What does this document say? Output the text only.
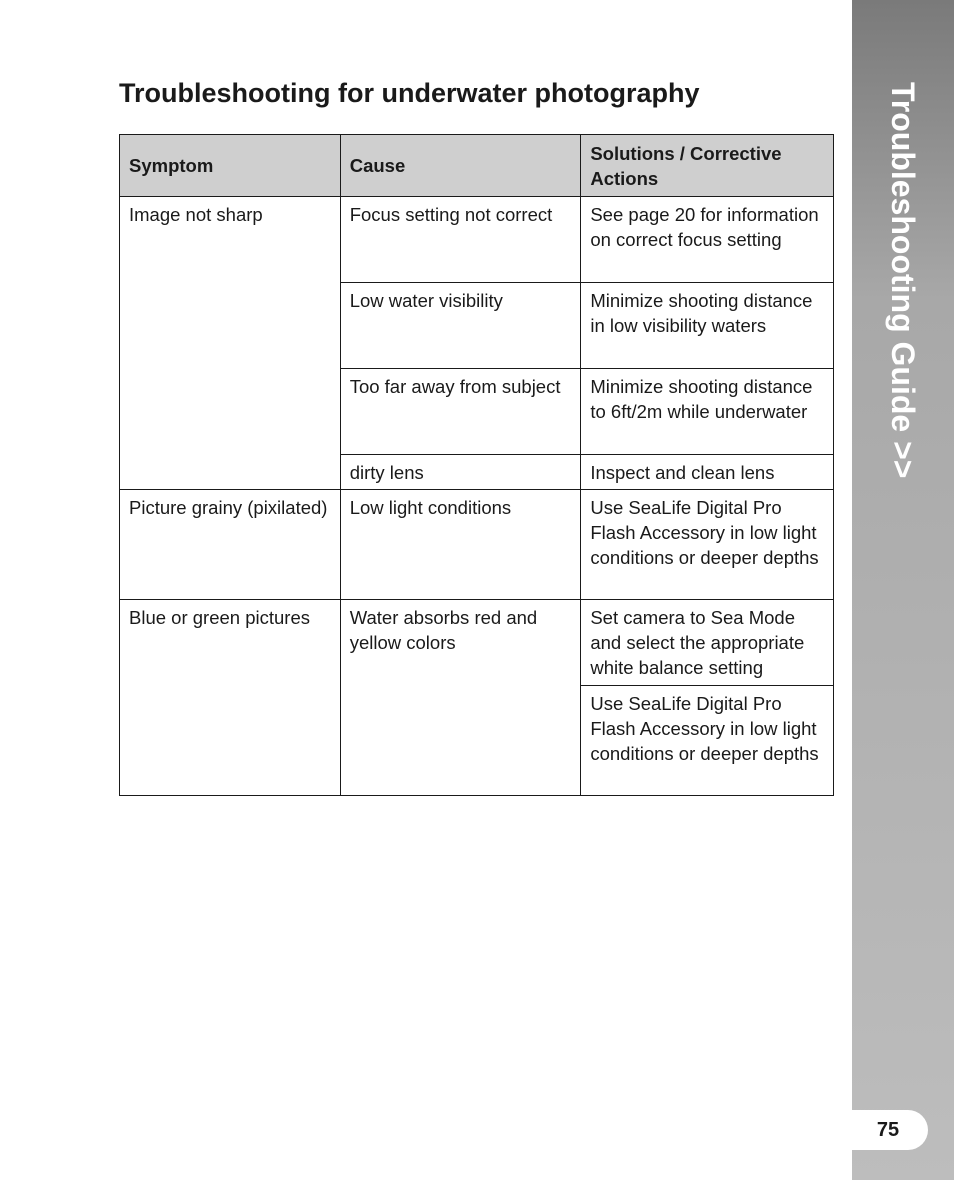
Troubleshooting Guide >>
75
Troubleshooting for underwater photography
Symptom	Cause	Solutions / Corrective Actions
Image not sharp	Focus setting not correct	See page 20 for information on correct focus setting
	Low water visibility	Minimize shooting distance in low visibility waters
	Too far away from subject	Minimize shooting distance to 6ft/2m while underwater
	dirty lens	Inspect and clean lens
Picture grainy (pixilated)	Low light conditions	Use SeaLife Digital Pro Flash Accessory in low light conditions or deeper depths
Blue or green pictures	Water absorbs red and yellow colors	Set camera to Sea Mode and select the appropriate white balance setting
		Use SeaLife Digital Pro Flash Accessory in low light conditions or deeper depths
